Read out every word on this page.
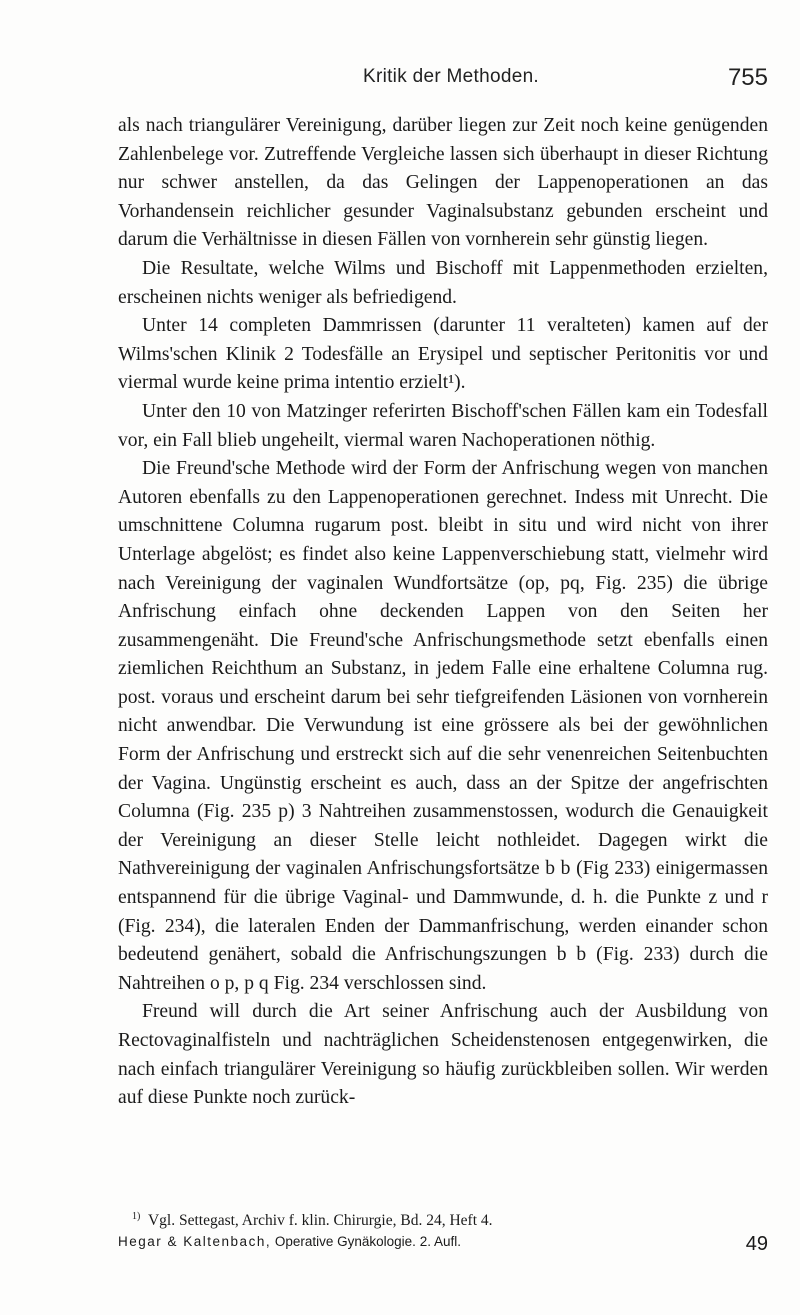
Kritik der Methoden.	755

als nach triangulärer Vereinigung, darüber liegen zur Zeit noch keine genügenden Zahlenbelege vor. Zutreffende Vergleiche lassen sich überhaupt in dieser Richtung nur schwer anstellen, da das Gelingen der Lappenoperationen an das Vorhandensein reichlicher gesunder Vaginalsubstanz gebunden erscheint und darum die Verhältnisse in diesen Fällen von vornherein sehr günstig liegen.

Die Resultate, welche Wilms und Bischoff mit Lappenmethoden erzielten, erscheinen nichts weniger als befriedigend.

Unter 14 completen Dammrissen (darunter 11 veralteten) kamen auf der Wilms'schen Klinik 2 Todesfälle an Erysipel und septischer Peritonitis vor und viermal wurde keine prima intentio erzielt¹).

Unter den 10 von Matzinger referirten Bischoff'schen Fällen kam ein Todesfall vor, ein Fall blieb ungeheilt, viermal waren Nachoperationen nöthig.

Die Freund'sche Methode wird der Form der Anfrischung wegen von manchen Autoren ebenfalls zu den Lappenoperationen gerechnet. Indess mit Unrecht. Die umschnittene Columna rugarum post. bleibt in situ und wird nicht von ihrer Unterlage abgelöst; es findet also keine Lappenverschiebung statt, vielmehr wird nach Vereinigung der vaginalen Wundfortsätze (op, pq, Fig. 235) die übrige Anfrischung einfach ohne deckenden Lappen von den Seiten her zusammengenäht. Die Freund'sche Anfrischungsmethode setzt ebenfalls einen ziemlichen Reichthum an Substanz, in jedem Falle eine erhaltene Columna rug. post. voraus und erscheint darum bei sehr tiefgreifenden Läsionen von vornherein nicht anwendbar. Die Verwundung ist eine grössere als bei der gewöhnlichen Form der Anfrischung und erstreckt sich auf die sehr venenreichen Seitenbuchten der Vagina. Ungünstig erscheint es auch, dass an der Spitze der angefrischten Columna (Fig. 235 p) 3 Nahtreihen zusammenstossen, wodurch die Genauigkeit der Vereinigung an dieser Stelle leicht nothleidet. Dagegen wirkt die Nathvereinigung der vaginalen Anfrischungsfortsätze b b (Fig 233) einigermassen entspannend für die übrige Vaginal- und Dammwunde, d. h. die Punkte z und r (Fig. 234), die lateralen Enden der Dammanfrischung, werden einander schon bedeutend genähert, sobald die Anfrischungszungen b b (Fig. 233) durch die Nahtreihen o p, p q Fig. 234 verschlossen sind.

Freund will durch die Art seiner Anfrischung auch der Ausbildung von Rectovaginalfisteln und nachträglichen Scheidenstenosen entgegenwirken, die nach einfach triangulärer Vereinigung so häufig zurückbleiben sollen. Wir werden auf diese Punkte noch zurück-

$^{1)}$ Vgl. Settegast, Archiv f. klin. Chirurgie, Bd. 24, Heft 4.
Hegar & Kaltenbach, Operative Gynäkologie. 2. Aufl.	49
